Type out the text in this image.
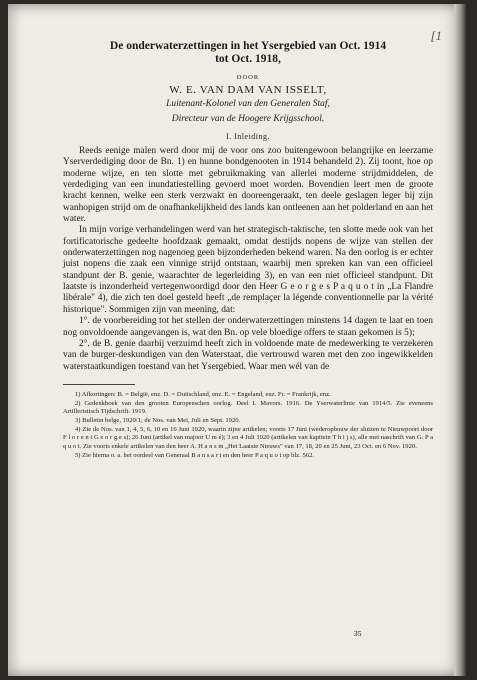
[1
De onderwaterzettingen in het Ysergebied van Oct. 1914
tot Oct. 1918,
DOOR
W. E. VAN DAM VAN ISSELT,
Luitenant-Kolonel van den Generalen Staf,
Directeur van de Hoogere Krijgsschool.
I. Inleiding.

Reeds eenige malen werd door mij de voor ons zoo buitengewoon belangrijke en leerzame Yserverdediging door de Bn. 1) en hunne bondgenooten in 1914 behandeld 2). Zij toont, hoe op moderne wijze, en ten slotte met gebruikmaking van allerlei moderne strijdmiddelen, de verdediging van een inundatiestelling gevoerd moet worden. Bovendien leert men de groote kracht kennen, welke een sterk verzwakt en dooreengeraakt, ten deele geslagen leger bij zijn wanhopigen strijd om de onafhankelijkheid des lands kan ontleenen aan het polderland en aan het water.

In mijn vorige verhandelingen werd van het strategisch-taktische, ten slotte mede ook van het fortificatorische gedeelte hoofdzaak gemaakt, omdat destijds nopens de wijze van stellen der onderwaterzettingen nog nagenoeg geen bijzonderheden bekend waren. Na den oorlog is er echter juist nopens die zaak een vinnige strijd ontstaan, waarbij men spreken kan van een officieel standpunt der B. genie, waarachter de legerleiding 3), en van een niet officieel standpunt. Dit laatste is inzonderheid vertegenwoordigd door den Heer G e o r g e s P a q u o t in „La Flandre libérale" 4), die zich ten doel gesteld heeft „de remplaçer la légende conventionnelle par la vérité historique". Sommigen zijn van meening, dat:

1°. de voorbereiding tot het stellen der onderwaterzettingen minstens 14 dagen te laat en toen nog onvoldoende aangevangen is, wat den Bn. op vele bloedige offers te staan gekomen is 5);

2°. de B. genie daarbij verzuimd heeft zich in voldoende mate de medewerking te verzekeren van de burger-deskundigen van den Waterstaat, die vertrouwd waren met den zoo ingewikkelden waterstaatkundigen toestand van het Ysergebied. Waar men wél van de

1) Afkortingen: B. = België, enz. D. = Duitschland, enz. E. = Engeland, enz. Fr. = Frankrijk, enz.

2) Gedenkboek van den grooten Europeeschen oorlog. Deel I. Mavors. 1916. De Yserwaterlinie van 1914/5. Zie eveneens Artilleristisch Tijdschrift. 1919.

3) Bulletin belge, 1920/1; de Nos. van Mei, Juli en Sept. 1920.

4) Zie de Nos. van 1, 4, 5, 6, 10 en 16 Juni 1920, waarin zijne artikelen; voorts 17 Juni (wederopbouw der sluizen te Nieuwpoort door F l o r e n t G e o r g e s); 26 Juni (artikel van majoor U m é); 3 en 4 Juli 1920 (artikelen van kapitein T h i j s), alle met naschrift van G. P a q u o t. Zie voorts enkele artikelen van den heer A. H a n s in „Het Laatste Nieuws" van 17, 18, 20 en 25 Juni, 23 Oct. en 6 Nov. 1920.

5) Zie hierna o. a. het oordeel van Generaal B a n s a r t en den heer P a q u o t op blz. 562.

35
